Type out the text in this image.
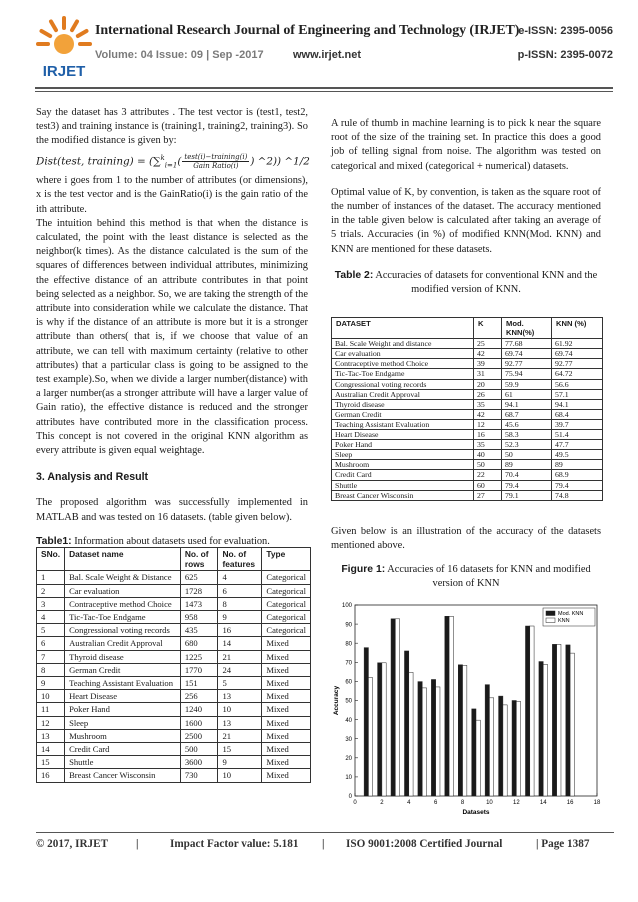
IRJET
International Research Journal of Engineering and Technology (IRJET)
e-ISSN: 2395-0056
Volume: 04 Issue: 09 | Sep -2017	www.irjet.net	p-ISSN: 2395-0072

Say the dataset has 3 attributes . The test vector is (test1, test2, test3) and training instance is (training1, training2, training3). So the modified distance is given by:

Dist(test, training) = ($\sum^k_{i=1}( \frac{\text{test(i)−training(i)}}{\text{Gain Ratio(i)}}$ ) ^2)) ^1/2

where i goes from 1 to the number of attributes (or dimensions), x is the test vector and is the GainRatio(i) is the gain ratio of the ith attribute.

The intuition behind this method is that when the distance is calculated, the point with the least distance is selected as the neighbor(k times). As the distance calculated is the sum of the squares of differences between individual attributes, minimizing the effective distance of an attribute contributes in that point being selected as a neighbor. So, we are taking the strength of the attribute into consideration while we calculate the distance. That is why if the distance of an attribute is more but it is a stronger attribute than others( that is, if we choose that value of an attribute, we can tell with maximum certainty (relative to other attributes) that a particular class is going to be assigned to the test example).So, when we divide a larger number(distance) with a larger number(as a stronger attribute will have a larger value of Gain ratio), the effective distance is reduced and the stronger attributes have contributed more in the classification process. This concept is not covered in the original KNN algorithm as every attribute is given equal weightage.

3. Analysis and Result

The proposed algorithm was successfully implemented in MATLAB and was tested on 16 datasets. (table given below).

Table1: Information about datasets used for evaluation.

SNo.	Dataset name	No. of rows	No. of features	Type
1	Bal. Scale Weight & Distance	625	4	Categorical
2	Car evaluation	1728	6	Categorical
3	Contraceptive method Choice	1473	8	Categorical
4	Tic-Tac-Toe Endgame	958	9	Categorical
5	Congressional voting records	435	16	Categorical
6	Australian Credit Approval	680	14	Mixed
7	Thyroid disease	1225	21	Mixed
8	German Credit	1770	24	Mixed
9	Teaching Assistant Evaluation	151	5	Mixed
10	Heart Disease	256	13	Mixed
11	Poker Hand	1240	10	Mixed
12	Sleep	1600	13	Mixed
13	Mushroom	2500	21	Mixed
14	Credit Card	500	15	Mixed
15	Shuttle	3600	9	Mixed
16	Breast Cancer Wisconsin	730	10	Mixed

A rule of thumb in machine learning is to pick k near the square root of the size of the training set. In practice this does a good job of telling signal from noise. The algorithm was tested on categorical and mixed (categorical + numerical) datasets.

Optimal value of K, by convention, is taken as the square root of the number of instances of the dataset. The accuracy mentioned in the table given below is calculated after taking an average of 5 trials. Accuracies (in %) of modified KNN(Mod. KNN) and KNN are mentioned for these datasets.

Table 2: Accuracies of datasets for conventional KNN and the modified version of KNN.

DATASET	K	Mod. KNN(%)	KNN (%)
Bal. Scale Weight and distance	25	77.68	61.92
Car evaluation	42	69.74	69.74
Contraceptive method Choice	39	92.77	92.77
Tic-Tac-Toe Endgame	31	75.94	64.72
Congressional voting records	20	59.9	56.6
Australian Credit Approval	26	61	57.1
Thyroid disease	35	94.1	94.1
German Credit	42	68.7	68.4
Teaching Assistant Evaluation	12	45.6	39.7
Heart Disease	16	58.3	51.4
Poker Hand	35	52.3	47.7
Sleep	40	50	49.5
Mushroom	50	89	89
Credit Card	22	70.4	68.9
Shuttle	60	79.4	79.4
Breast Cancer Wisconsin	27	79.1	74.8

Given below is an illustration of the accuracy of the datasets mentioned above.

Figure 1: Accuracies of 16 datasets for KNN and modified version of KNN

0
10
20
30
40
50
60
70
80
90
100
0	2	4	6	8	10	12	14	16	18
Datasets
Accuracy
Mod. KNN
KNN
© 2017, IRJET |	Impact Factor value: 5.181 | ISO 9001:2008 Certified Journal	| Page 1387
